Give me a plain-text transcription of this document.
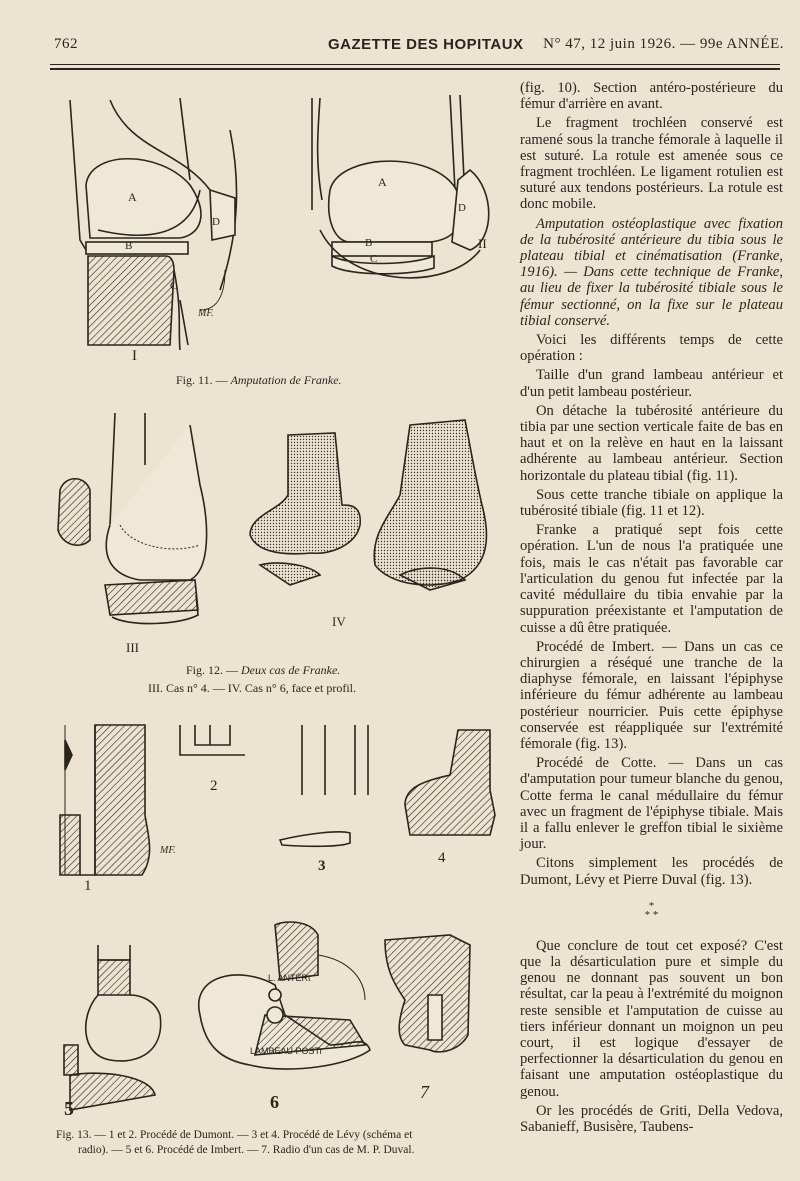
762	GAZETTE DES HOPITAUX N° 47, 12 juin 1926. — 99e ANNÉE.
A
A
B	B
C
C
D
D
MF.
I
II
Fig. 11. — Amputation de Franke.
III
IV
Fig. 12. — Deux cas de Franke.
III. Cas n° 4. — IV. Cas n° 6, face et profil.
1
2
3	4
5	6	7
L. ANTÉRt
LAMBEAU POSTr
MF.
Fig. 13. — 1 et 2. Procédé de Dumont. — 3 et 4. Procédé de Lévy (schéma et
radio). — 5 et 6. Procédé de Imbert. — 7. Radio d'un cas de M. P. Duval.

(fig. 10). Section antéro-postérieure du fémur d'arrière en avant.

Le fragment trochléen conservé est ramené sous la tranche fémorale à laquelle il est suturé. La rotule est amenée sous ce fragment trochléen. Le ligament rotulien est suturé aux tendons postérieurs. La rotule est donc mobile.

Amputation ostéoplastique avec fixation de la tubérosité antérieure du tibia sous le plateau tibial et cinématisation (Franke, 1916). — Dans cette technique de Franke, au lieu de fixer la tubérosité tibiale sous le fémur sectionné, on la fixe sur le plateau tibial conservé.

Voici les différents temps de cette opération :

Taille d'un grand lambeau antérieur et d'un petit lambeau postérieur.

On détache la tubérosité antérieure du tibia par une section verticale faite de bas en haut et on la relève en haut en la laissant adhérente au lambeau antérieur. Section horizontale du plateau tibial (fig. 11).

Sous cette tranche tibiale on applique la tubérosité tibiale (fig. 11 et 12).

Franke a pratiqué sept fois cette opération. L'un de nous l'a pratiquée une fois, mais le cas n'était pas favorable car l'articulation du genou fut infectée par la cavité médullaire du tibia envahie par la suppuration préexistante et l'amputation de cuisse a dû être pratiquée.

Procédé de Imbert. — Dans un cas ce chirurgien a réséqué une tranche de la diaphyse fémorale, en laissant l'épiphyse inférieure du fémur adhérente au lambeau postérieur nourricier. Puis cette épiphyse conservée est réappliquée sur l'extrémité fémorale (fig. 13).

Procédé de Cotte. — Dans un cas d'amputation pour tumeur blanche du genou, Cotte ferma le canal médullaire du fémur avec un fragment de l'épiphyse tibiale. Mais il a fallu enlever le greffon tibial le sixième jour.

Citons simplement les procédés de Dumont, Lévy et Pierre Duval (fig. 13).

*
* *

Que conclure de tout cet exposé? C'est que la désarticulation pure et simple du genou ne donnant pas souvent un bon résultat, car la peau à l'extrémité du moignon reste sensible et l'amputation de cuisse au tiers inférieur donnant un moignon un peu court, il est logique d'essayer de perfectionner la désarticulation du genou en faisant une amputation ostéoplastique du genou.

Or les procédés de Griti, Della Vedova, Sabanieff, Busisère, Taubens-
